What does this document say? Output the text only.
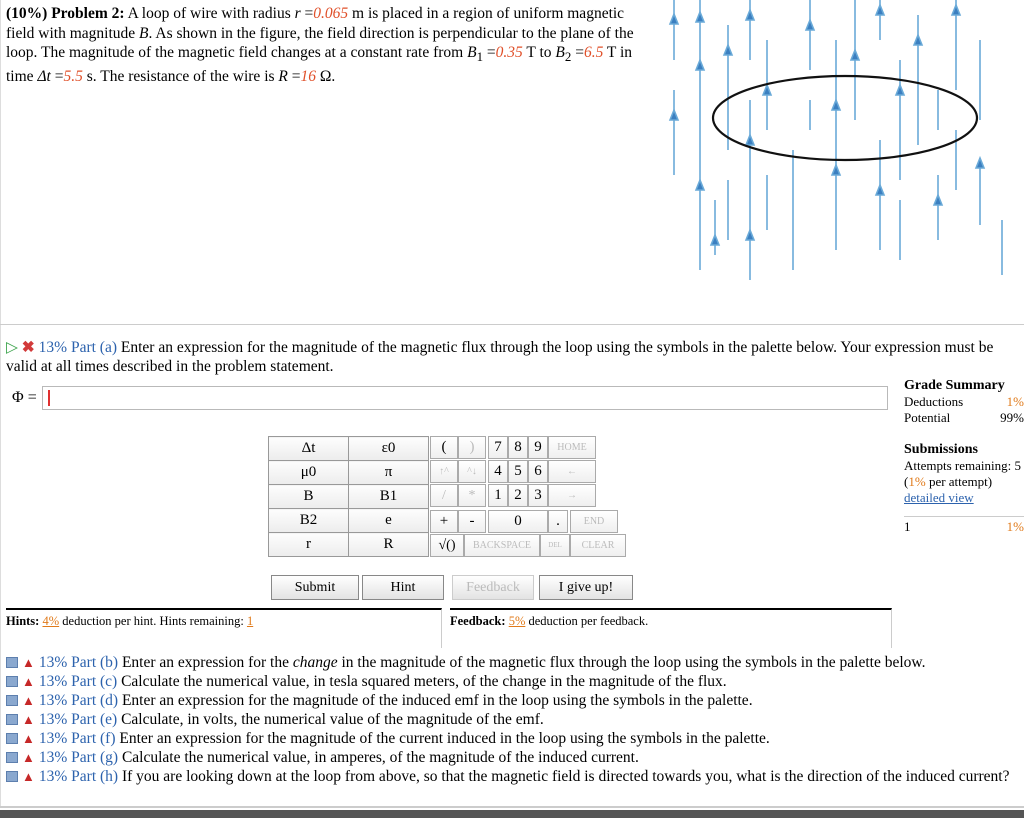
(10%) Problem 2: A loop of wire with radius r =0.065 m is placed in a region of uniform magnetic field with magnitude B. As shown in the figure, the field direction is perpendicular to the plane of the loop. The magnitude of the magnetic field changes at a constant rate from $B_1 =0.35$ T to $B_2 =6.5$ T in time Δt =5.5 s. The resistance of the wire is R =16 Ω.
▷ ✖ 13% Part (a) Enter an expression for the magnitude of the magnetic flux through the loop using the symbols in the palette below. Your expression must be valid at all times described in the problem statement.
Φ =
Grade Summary
Deductions	1%
Potential	99%
Submissions
Attempts remaining: 5
(1% per attempt)
detailed view
1	1%
Δt	ε0
μ0	π
B	B1
B2	e
r	R
(	)	7 8 9	HOME
↑^	^↓	4 5 6	←
/	*	1 2 3	→
+	-	0	.	END
√()	BACKSPACE	DEL	CLEAR
Submit	Hint	Feedback	I give up!
Hints: 4% deduction per hint. Hints remaining: 1	Feedback: 5% deduction per feedback.
▲ 13% Part (b) Enter an expression for the change in the magnitude of the magnetic flux through the loop using the symbols in the palette below.
▲ 13% Part (c) Calculate the numerical value, in tesla squared meters, of the change in the magnitude of the flux.
▲ 13% Part (d) Enter an expression for the magnitude of the induced emf in the loop using the symbols in the palette.
▲ 13% Part (e) Calculate, in volts, the numerical value of the magnitude of the emf.
▲ 13% Part (f) Enter an expression for the magnitude of the current induced in the loop using the symbols in the palette.
▲ 13% Part (g) Calculate the numerical value, in amperes, of the magnitude of the induced current.
▲ 13% Part (h) If you are looking down at the loop from above, so that the magnetic field is directed towards you, what is the direction of the induced current?
